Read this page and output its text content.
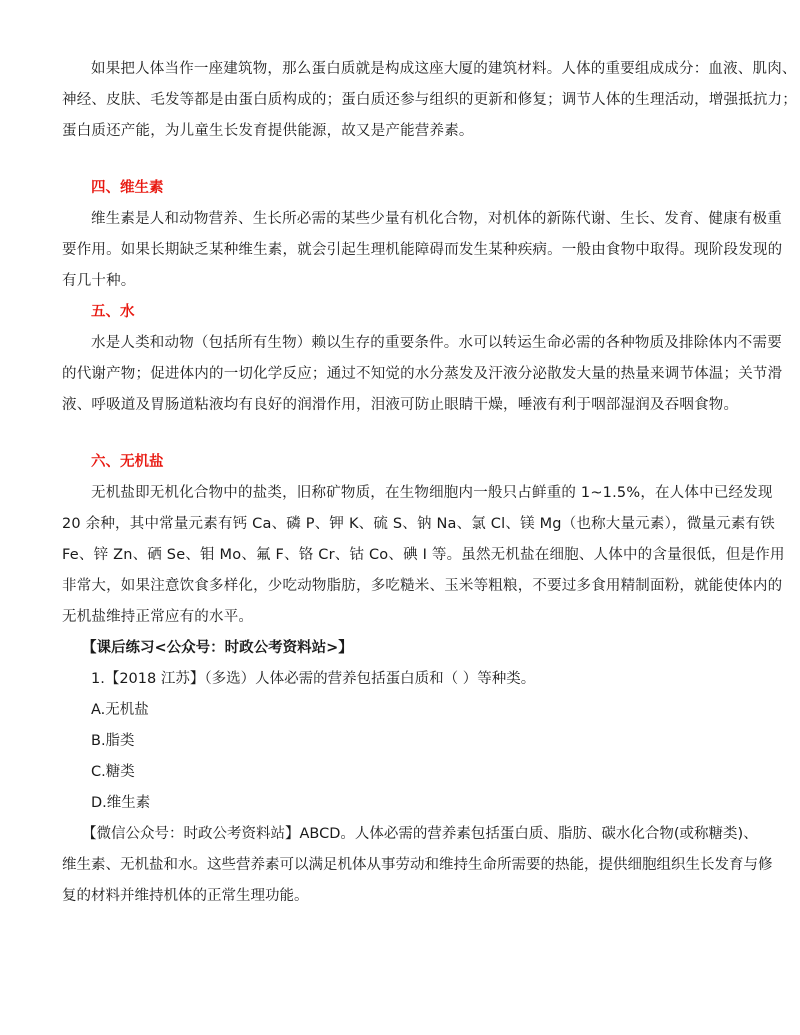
如果把人体当作一座建筑物，那么蛋白质就是构成这座大厦的建筑材料。人体的重要组成成分：血液、肌肉、
神经、皮肤、毛发等都是由蛋白质构成的；蛋白质还参与组织的更新和修复；调节人体的生理活动，增强抵抗力；
蛋白质还产能，为儿童生长发育提供能源，故又是产能营养素。

四、维生素

维生素是人和动物营养、生长所必需的某些少量有机化合物，对机体的新陈代谢、生长、发育、健康有极重
要作用。如果长期缺乏某种维生素，就会引起生理机能障碍而发生某种疾病。一般由食物中取得。现阶段发现的
有几十种。

五、水

水是人类和动物（包括所有生物）赖以生存的重要条件。水可以转运生命必需的各种物质及排除体内不需要
的代谢产物；促进体内的一切化学反应；通过不知觉的水分蒸发及汗液分泌散发大量的热量来调节体温；关节滑
液、呼吸道及胃肠道粘液均有良好的润滑作用，泪液可防止眼睛干燥，唾液有利于咽部湿润及吞咽食物。

六、无机盐

无机盐即无机化合物中的盐类，旧称矿物质，在生物细胞内一般只占鲜重的 1~1.5%，在人体中已经发现
20 余种，其中常量元素有钙 Ca、磷 P、钾 K、硫 S、钠 Na、氯 Cl、镁 Mg（也称大量元素），微量元素有铁
Fe、锌 Zn、硒 Se、钼 Mo、氟 F、铬 Cr、钴 Co、碘 I 等。虽然无机盐在细胞、人体中的含量很低，但是作用
非常大，如果注意饮食多样化，少吃动物脂肪，多吃糙米、玉米等粗粮，不要过多食用精制面粉，就能使体内的
无机盐维持正常应有的水平。

【课后练习<公众号：时政公考资料站>】

1.【2018 江苏】（多选）人体必需的营养包括蛋白质和（ ）等种类。

A.无机盐

B.脂类

C.糖类

D.维生素

【微信公众号：时政公考资料站】ABCD。人体必需的营养素包括蛋白质、脂肪、碳水化合物(或称糖类)、
维生素、无机盐和水。这些营养素可以满足机体从事劳动和维持生命所需要的热能，提供细胞组织生长发育与修
复的材料并维持机体的正常生理功能。
